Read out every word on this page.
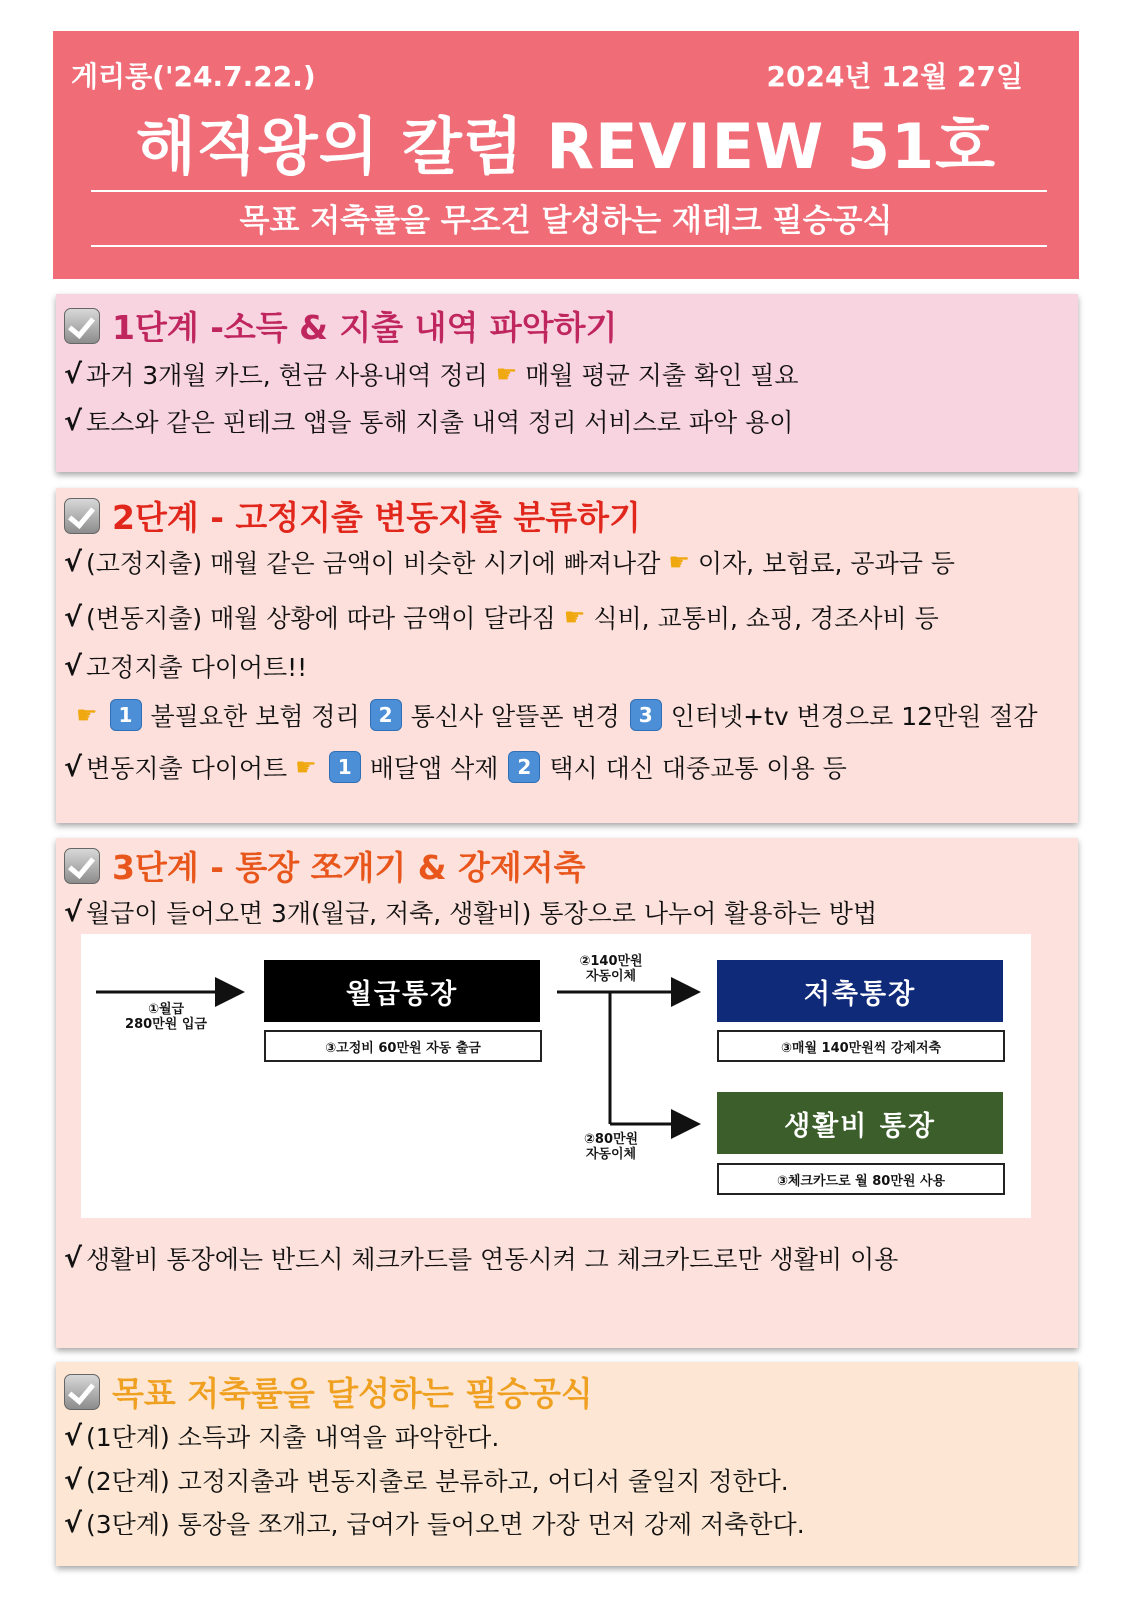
게리롱('24.7.22.)	2024년 12월 27일
해적왕의 칼럼 REVIEW 51호
목표 저축률을 무조건 달성하는 재테크 필승공식
1단계 -소득 & 지출 내역 파악하기
√ 과거 3개월 카드, 현금 사용내역 정리 ☛ 매월 평균 지출 확인 필요
√ 토스와 같은 핀테크 앱을 통해 지출 내역 정리 서비스로 파악 용이
2단계 - 고정지출 변동지출 분류하기
√ (고정지출) 매월 같은 금액이 비슷한 시기에 빠져나감 ☛ 이자, 보험료, 공과금 등
√ (변동지출) 매월 상황에 따라 금액이 달라짐 ☛ 식비, 교통비, 쇼핑, 경조사비 등
√ 고정지출 다이어트!!
☛	1 불필요한 보험 정리 2 통신사 알뜰폰 변경 3 인터넷+tv 변경으로 12만원 절감
√ 변동지출 다이어트 ☛	1 배달앱 삭제 2 택시 대신 대중교통 이용 등
3단계 - 통장 쪼개기 & 강제저축
√ 월급이 들어오면 3개(월급, 저축, 생활비) 통장으로 나누어 활용하는 방법
①월급
280만원 입금
월급통장
③고정비 60만원 자동 출금
②140만원
자동이체
저축통장
③매월 140만원씩 강제저축
②80만원
자동이체
생활비 통장
③체크카드로 월 80만원 사용
√ 생활비 통장에는 반드시 체크카드를 연동시켜 그 체크카드로만 생활비 이용
목표 저축률을 달성하는 필승공식
√ (1단계) 소득과 지출 내역을 파악한다.
√ (2단계) 고정지출과 변동지출로 분류하고, 어디서 줄일지 정한다.
√ (3단계) 통장을 쪼개고, 급여가 들어오면 가장 먼저 강제 저축한다.
